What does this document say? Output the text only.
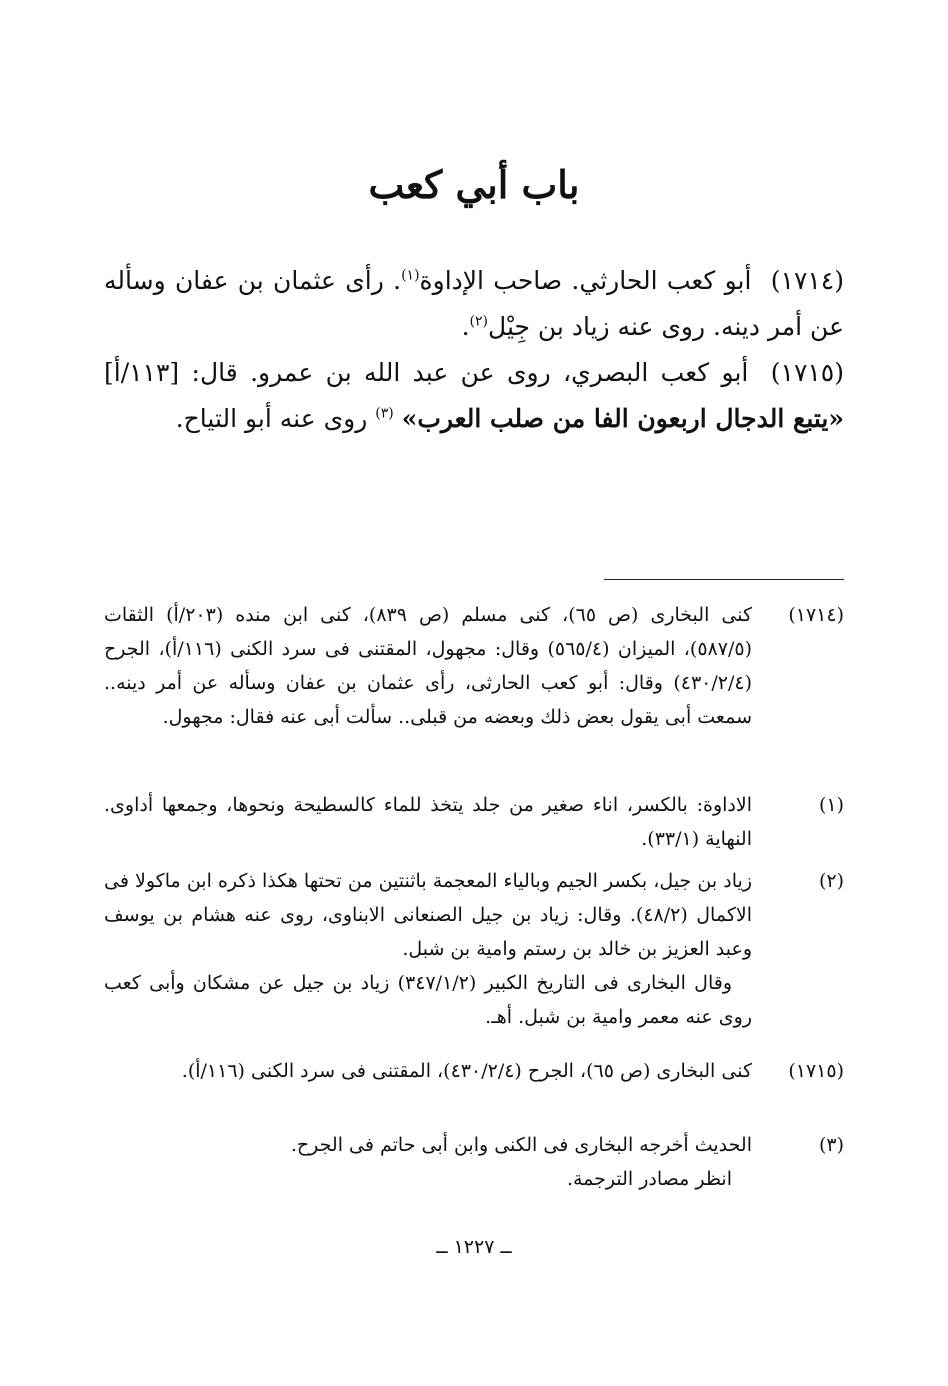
باب أبي كعب
(١٧١٤) أبو كعب الحارثي. صاحب الإداوة$^{(١)}$. رأى عثمان بن عفان وسأله عن أمر دينه. روى عنه زياد بن جِيْل$^{(٢)}$.
(١٧١٥) أبو كعب البصري، روى عن عبد الله بن عمرو. قال: [١١٣/أ] «يتبع الدجال اربعون الفا من صلب العرب» $^{(٣)}$ روى عنه أبو التياح.
(١٧١٤)

كنى البخارى (ص ٦٥)، كنى مسلم (ص ٨٣٩)، كنى ابن منده (٢٠٣/أ) الثقات (٥٨٧/٥)، الميزان (٥٦٥/٤) وقال: مجهول، المقتنى فى سرد الكنى (١١٦/أ)، الجرح (٤٣٠/٢/٤) وقال: أبو كعب الحارثى، رأى عثمان بن عفان وسأله عن أمر دينه.. سمعت أبى يقول بعض ذلك وبعضه من قبلى.. سألت أبى عنه فقال: مجهول.

(١)

الاداوة: بالكسر، اناء صغير من جلد يتخذ للماء كالسطيحة ونحوها، وجمعها أداوى. النهاية (٣٣/١).

(٢)

زياد بن جيل، بكسر الجيم وبالياء المعجمة باثنتين من تحتها هكذا ذكره ابن ماكولا فى الاكمال (٤٨/٢). وقال: زياد بن جيل الصنعانى الابناوى، روى عنه هشام بن يوسف وعبد العزيز بن خالد بن رستم وامية بن شبل.

وقال البخارى فى التاريخ الكبير (٣٤٧/١/٢) زياد بن جيل عن مشكان وأبى كعب روى عنه معمر وامية بن شبل. أهـ.

(١٧١٥)

كنى البخارى (ص ٦٥)، الجرح (٤٣٠/٢/٤)، المقتنى فى سرد الكنى (١١٦/أ).

(٣)

الحديث أخرجه البخارى فى الكنى وابن أبى حاتم فى الجرح.

انظر مصادر الترجمة.

ــ ١٢٢٧ ــ
